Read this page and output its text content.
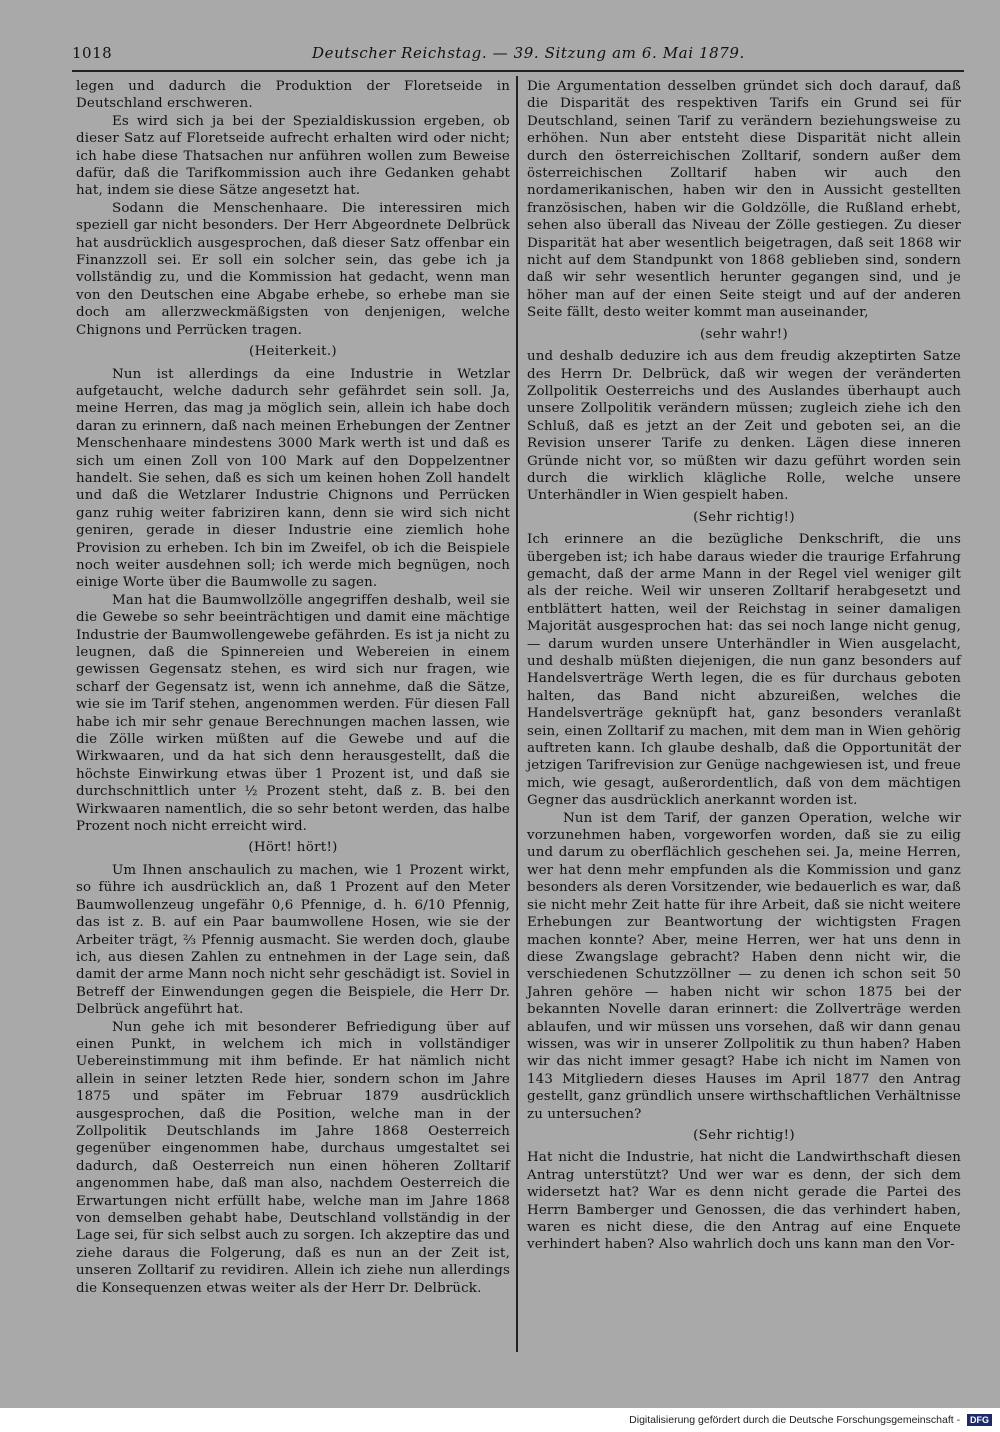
1018	Deutscher Reichstag. — 39. Sitzung am 6. Mai 1879.

legen und dadurch die Produktion der Floretseide in Deutschland erschweren.

Es wird sich ja bei der Spezialdiskussion ergeben, ob dieser Satz auf Floretseide aufrecht erhalten wird oder nicht; ich habe diese Thatsachen nur anführen wollen zum Beweise dafür, daß die Tarifkommission auch ihre Gedanken gehabt hat, indem sie diese Sätze angesetzt hat.

Sodann die Menschenhaare. Die interessiren mich speziell gar nicht besonders. Der Herr Abgeordnete Delbrück hat ausdrücklich ausgesprochen, daß dieser Satz offenbar ein Finanzzoll sei. Er soll ein solcher sein, das gebe ich ja vollständig zu, und die Kommission hat gedacht, wenn man von den Deutschen eine Abgabe erhebe, so erhebe man sie doch am allerzweckmäßigsten von denjenigen, welche Chignons und Perrücken tragen.

(Heiterkeit.)

Nun ist allerdings da eine Industrie in Wetzlar aufgetaucht, welche dadurch sehr gefährdet sein soll. Ja, meine Herren, das mag ja möglich sein, allein ich habe doch daran zu erinnern, daß nach meinen Erhebungen der Zentner Menschenhaare mindestens 3000 Mark werth ist und daß es sich um einen Zoll von 100 Mark auf den Doppelzentner handelt. Sie sehen, daß es sich um keinen hohen Zoll handelt und daß die Wetzlarer Industrie Chignons und Perrücken ganz ruhig weiter fabriziren kann, denn sie wird sich nicht geniren, gerade in dieser Industrie eine ziemlich hohe Provision zu erheben. Ich bin im Zweifel, ob ich die Beispiele noch weiter ausdehnen soll; ich werde mich begnügen, noch einige Worte über die Baumwolle zu sagen.

Man hat die Baumwollzölle angegriffen deshalb, weil sie die Gewebe so sehr beeinträchtigen und damit eine mächtige Industrie der Baumwollengewebe gefährden. Es ist ja nicht zu leugnen, daß die Spinnereien und Webereien in einem gewissen Gegensatz stehen, es wird sich nur fragen, wie scharf der Gegensatz ist, wenn ich annehme, daß die Sätze, wie sie im Tarif stehen, angenommen werden. Für diesen Fall habe ich mir sehr genaue Berechnungen machen lassen, wie die Zölle wirken müßten auf die Gewebe und auf die Wirkwaaren, und da hat sich denn herausgestellt, daß die höchste Einwirkung etwas über 1 Prozent ist, und daß sie durchschnittlich unter ½ Prozent steht, daß z. B. bei den Wirkwaaren namentlich, die so sehr betont werden, das halbe Prozent noch nicht erreicht wird.

(Hört! hört!)

Um Ihnen anschaulich zu machen, wie 1 Prozent wirkt, so führe ich ausdrücklich an, daß 1 Prozent auf den Meter Baumwollenzeug ungefähr 0,6 Pfennige, d. h. 6/10 Pfennig, das ist z. B. auf ein Paar baumwollene Hosen, wie sie der Arbeiter trägt, ⅔ Pfennig ausmacht. Sie werden doch, glaube ich, aus diesen Zahlen zu entnehmen in der Lage sein, daß damit der arme Mann noch nicht sehr geschädigt ist. Soviel in Betreff der Einwendungen gegen die Beispiele, die Herr Dr. Delbrück angeführt hat.

Nun gehe ich mit besonderer Befriedigung über auf einen Punkt, in welchem ich mich in vollständiger Uebereinstimmung mit ihm befinde. Er hat nämlich nicht allein in seiner letzten Rede hier, sondern schon im Jahre 1875 und später im Februar 1879 ausdrücklich ausgesprochen, daß die Position, welche man in der Zollpolitik Deutschlands im Jahre 1868 Oesterreich gegenüber eingenommen habe, durchaus umgestaltet sei dadurch, daß Oesterreich nun einen höheren Zolltarif angenommen habe, daß man also, nachdem Oesterreich die Erwartungen nicht erfüllt habe, welche man im Jahre 1868 von demselben gehabt habe, Deutschland vollständig in der Lage sei, für sich selbst auch zu sorgen. Ich akzeptire das und ziehe daraus die Folgerung, daß es nun an der Zeit ist, unseren Zolltarif zu revidiren. Allein ich ziehe nun allerdings die Konsequenzen etwas weiter als der Herr Dr. Delbrück.

Die Argumentation desselben gründet sich doch darauf, daß die Disparität des respektiven Tarifs ein Grund sei für Deutschland, seinen Tarif zu verändern beziehungsweise zu erhöhen. Nun aber entsteht diese Disparität nicht allein durch den österreichischen Zolltarif, sondern außer dem österreichischen Zolltarif haben wir auch den nordamerikanischen, haben wir den in Aussicht gestellten französischen, haben wir die Goldzölle, die Rußland erhebt, sehen also überall das Niveau der Zölle gestiegen. Zu dieser Disparität hat aber wesentlich beigetragen, daß seit 1868 wir nicht auf dem Standpunkt von 1868 geblieben sind, sondern daß wir sehr wesentlich herunter gegangen sind, und je höher man auf der einen Seite steigt und auf der anderen Seite fällt, desto weiter kommt man auseinander,

(sehr wahr!)

und deshalb deduzire ich aus dem freudig akzeptirten Satze des Herrn Dr. Delbrück, daß wir wegen der veränderten Zollpolitik Oesterreichs und des Auslandes überhaupt auch unsere Zollpolitik verändern müssen; zugleich ziehe ich den Schluß, daß es jetzt an der Zeit und geboten sei, an die Revision unserer Tarife zu denken. Lägen diese inneren Gründe nicht vor, so müßten wir dazu geführt worden sein durch die wirklich klägliche Rolle, welche unsere Unterhändler in Wien gespielt haben.

(Sehr richtig!)

Ich erinnere an die bezügliche Denkschrift, die uns übergeben ist; ich habe daraus wieder die traurige Erfahrung gemacht, daß der arme Mann in der Regel viel weniger gilt als der reiche. Weil wir unseren Zolltarif herabgesetzt und entblättert hatten, weil der Reichstag in seiner damaligen Majorität ausgesprochen hat: das sei noch lange nicht genug, — darum wurden unsere Unterhändler in Wien ausgelacht, und deshalb müßten diejenigen, die nun ganz besonders auf Handelsverträge Werth legen, die es für durchaus geboten halten, das Band nicht abzureißen, welches die Handelsverträge geknüpft hat, ganz besonders veranlaßt sein, einen Zolltarif zu machen, mit dem man in Wien gehörig auftreten kann. Ich glaube deshalb, daß die Opportunität der jetzigen Tarifrevision zur Genüge nachgewiesen ist, und freue mich, wie gesagt, außerordentlich, daß von dem mächtigen Gegner das ausdrücklich anerkannt worden ist.

Nun ist dem Tarif, der ganzen Operation, welche wir vorzunehmen haben, vorgeworfen worden, daß sie zu eilig und darum zu oberflächlich geschehen sei. Ja, meine Herren, wer hat denn mehr empfunden als die Kommission und ganz besonders als deren Vorsitzender, wie bedauerlich es war, daß sie nicht mehr Zeit hatte für ihre Arbeit, daß sie nicht weitere Erhebungen zur Beantwortung der wichtigsten Fragen machen konnte? Aber, meine Herren, wer hat uns denn in diese Zwangslage gebracht? Haben denn nicht wir, die verschiedenen Schutzzöllner — zu denen ich schon seit 50 Jahren gehöre — haben nicht wir schon 1875 bei der bekannten Novelle daran erinnert: die Zollverträge werden ablaufen, und wir müssen uns vorsehen, daß wir dann genau wissen, was wir in unserer Zollpolitik zu thun haben? Haben wir das nicht immer gesagt? Habe ich nicht im Namen von 143 Mitgliedern dieses Hauses im April 1877 den Antrag gestellt, ganz gründlich unsere wirthschaftlichen Verhältnisse zu untersuchen?

(Sehr richtig!)

Hat nicht die Industrie, hat nicht die Landwirthschaft diesen Antrag unterstützt? Und wer war es denn, der sich dem widersetzt hat? War es denn nicht gerade die Partei des Herrn Bamberger und Genossen, die das verhindert haben, waren es nicht diese, die den Antrag auf eine Enquete verhindert haben? Also wahrlich doch uns kann man den Vor-

Digitalisierung gefördert durch die Deutsche Forschungsgemeinschaft - DFG
